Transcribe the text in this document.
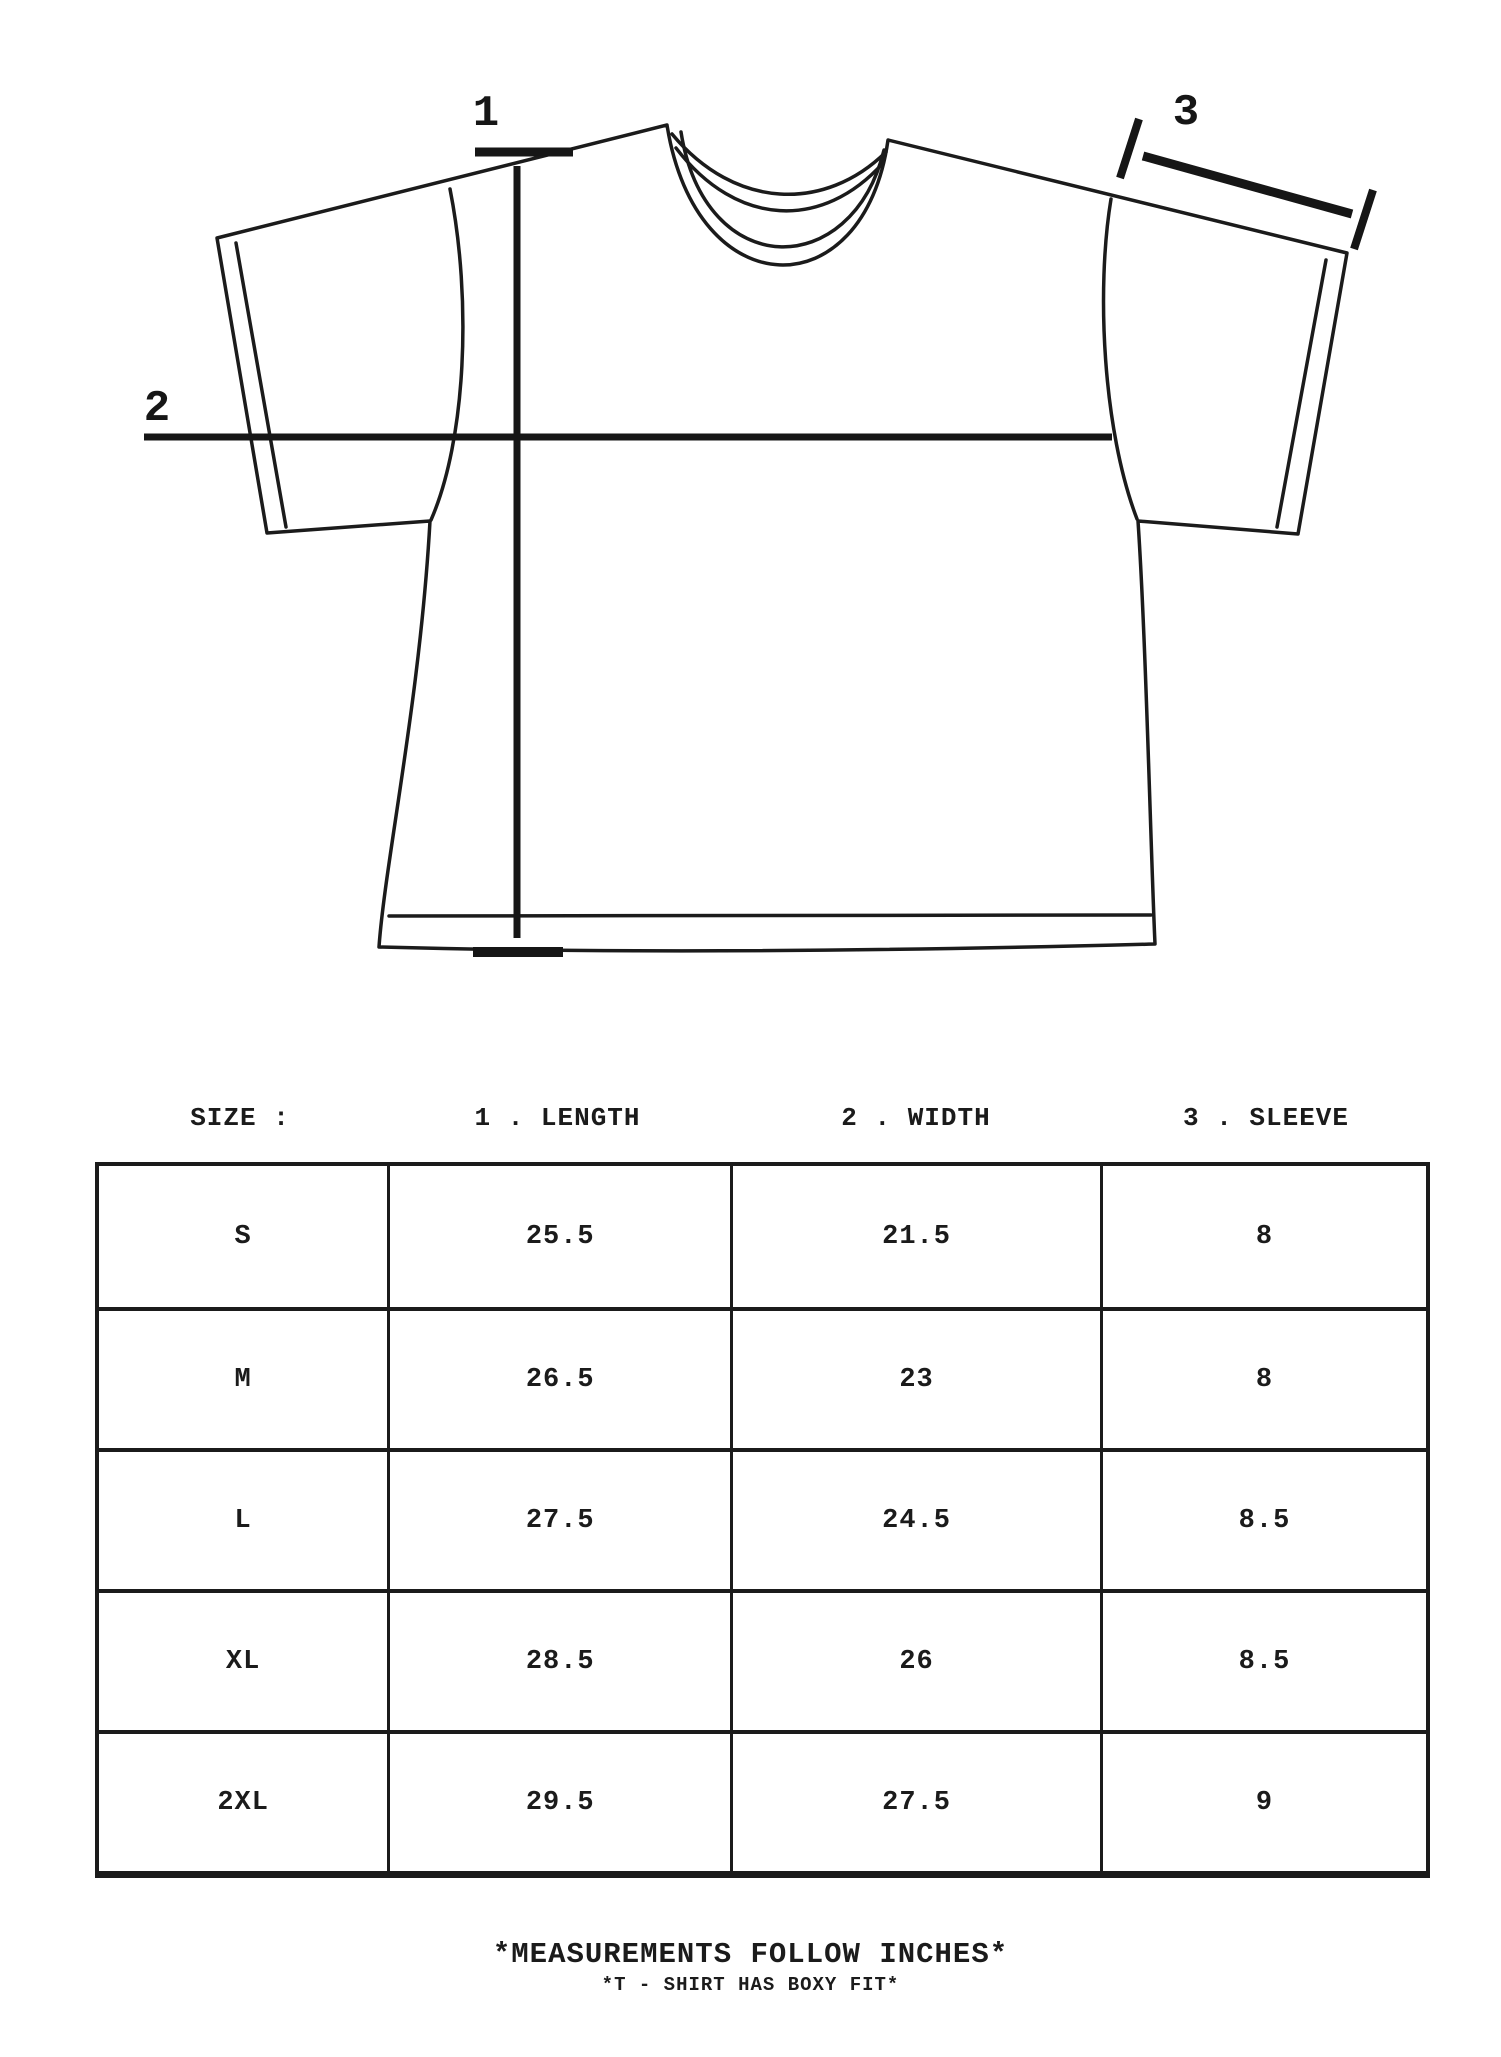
1
2
3
SIZE :	1 . LENGTH	2 . WIDTH	3 . SLEEVE
S	25.5	21.5	8
M	26.5	23	8
L	27.5	24.5	8.5
XL	28.5	26	8.5
2XL	29.5	27.5	9
*MEASUREMENTS FOLLOW INCHES*
*T - SHIRT HAS BOXY FIT*
